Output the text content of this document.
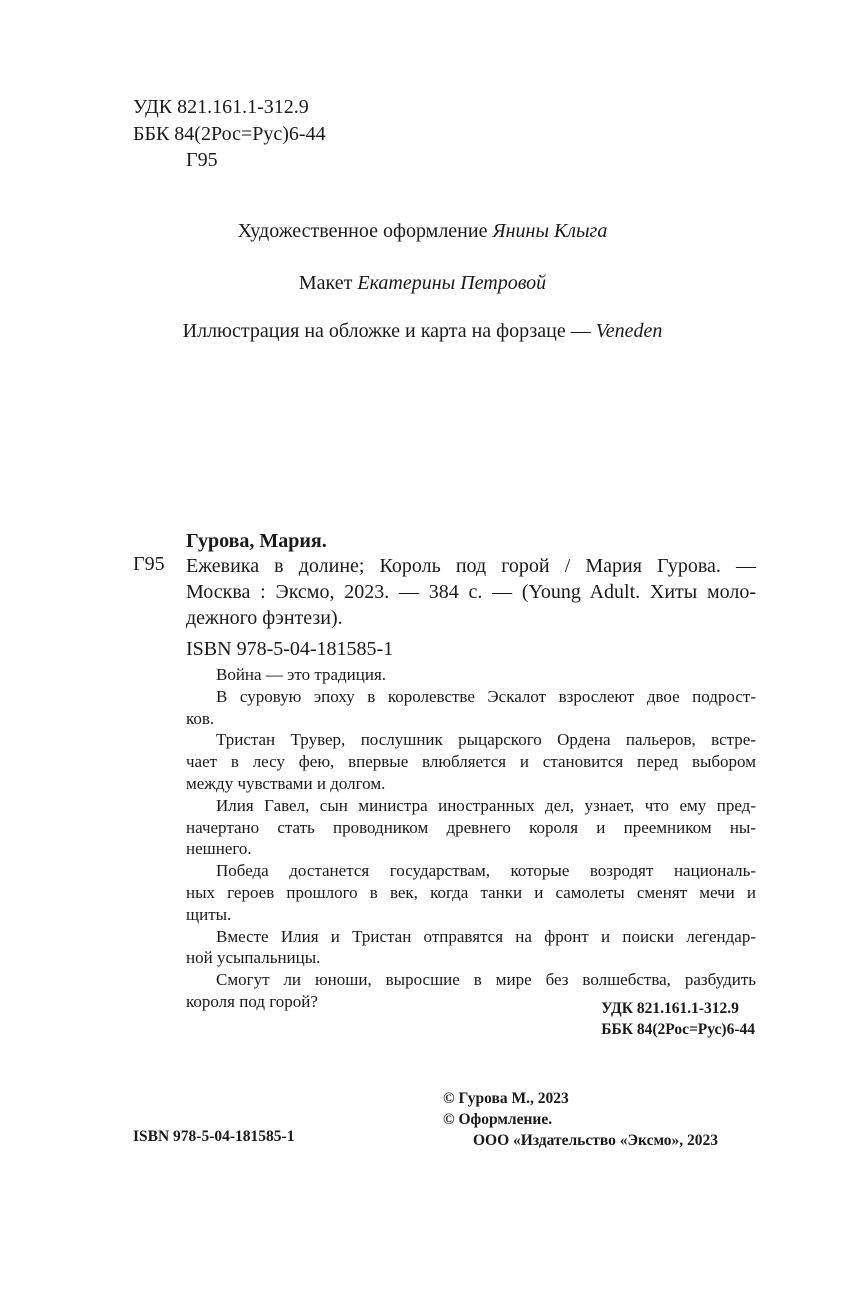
УДК 821.161.1-312.9
ББК 84(2Рос=Рус)6-44
Г95

Художественное оформление Янины Клыга

Макет Екатерины Петровой

Иллюстрация на обложке и карта на форзаце — Veneden

Гурова, Мария.
Г95 Ежевика в долине; Король под горой / Мария Гурова. —
Москва : Эксмо, 2023. — 384 с. — (Young Adult. Хиты моло-
дежного фэнтези).
ISBN 978-5-04-181585-1

Война — это традиция.

В суровую эпоху в королевстве Эскалот взрослеют двое подрост-
ков.

Тристан Трувер, послушник рыцарского Ордена пальеров, встре-
чает в лесу фею, впервые влюбляется и становится перед выбором
между чувствами и долгом.

Илия Гавел, сын министра иностранных дел, узнает, что ему пред-
начертано стать проводником древнего короля и преемником ны-
нешнего.

Победа достанется государствам, которые возродят националь-
ных героев прошлого в век, когда танки и самолеты сменят мечи и
щиты.

Вместе Илия и Тристан отправятся на фронт и поиски легендар-
ной усыпальницы.

Смогут ли юноши, выросшие в мире без волшебства, разбудить
короля под горой?	УДК 821.161.1-312.9
ББК 84(2Рос=Рус)6-44
© Гурова М., 2023
© Оформление.
ООО «Издательство «Эксмо», 2023
ISBN 978-5-04-181585-1
